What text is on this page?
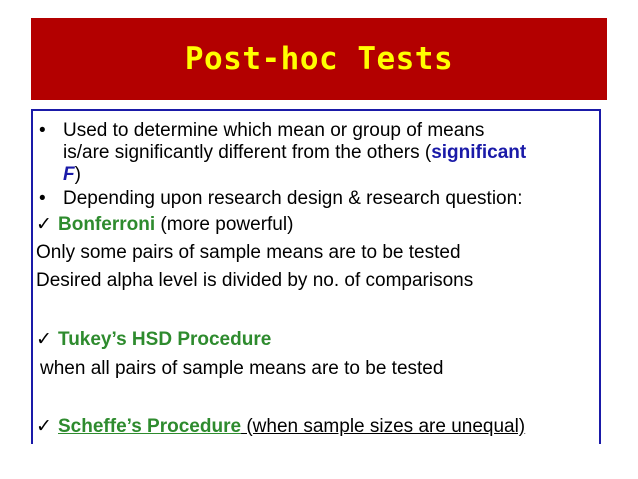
Post-hoc Tests
• Used to determine which mean or group of means
is/are significantly different from the others (significant
F)
• Depending upon research design & research question:
✓ Bonferroni (more powerful)
Only some pairs of sample means are to be tested
Desired alpha level is divided by no. of comparisons
✓ Tukey’s HSD Procedure
when all pairs of sample means are to be tested
✓ Scheffe’s Procedure (when sample sizes are unequal)
